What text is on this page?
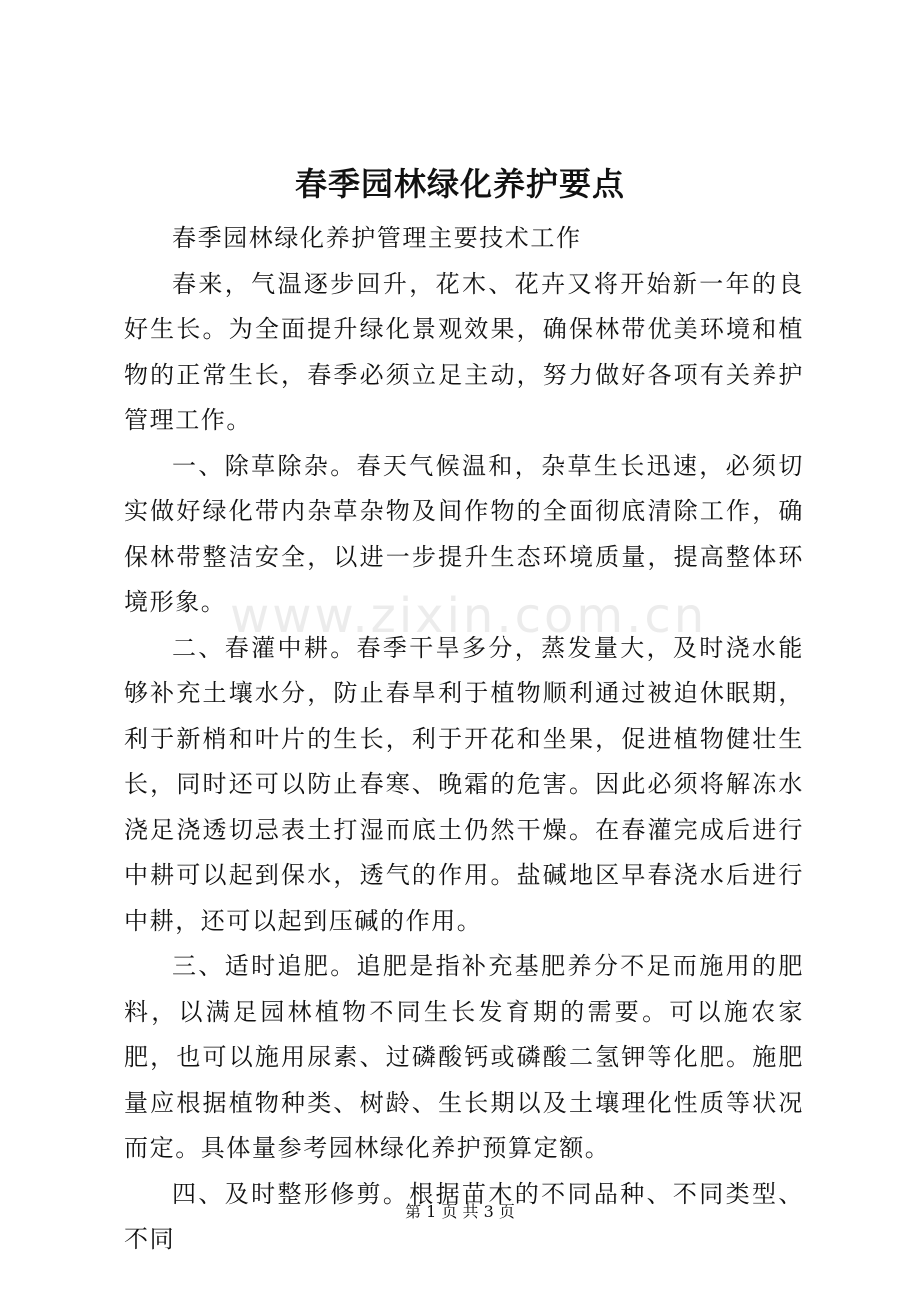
春季园林绿化养护要点
www.zixin.com.cn

春季园林绿化养护管理主要技术工作

春来，气温逐步回升，花木、花卉又将开始新一年的良好生长。为全面提升绿化景观效果，确保林带优美环境和植物的正常生长，春季必须立足主动，努力做好各项有关养护管理工作。

一、除草除杂。春天气候温和，杂草生长迅速，必须切实做好绿化带内杂草杂物及间作物的全面彻底清除工作，确保林带整洁安全，以进一步提升生态环境质量，提高整体环境形象。

二、春灌中耕。春季干旱多分，蒸发量大，及时浇水能够补充土壤水分，防止春旱利于植物顺利通过被迫休眠期，利于新梢和叶片的生长，利于开花和坐果，促进植物健壮生长，同时还可以防止春寒、晚霜的危害。因此必须将解冻水浇足浇透切忌表土打湿而底土仍然干燥。在春灌完成后进行中耕可以起到保水，透气的作用。盐碱地区早春浇水后进行中耕，还可以起到压碱的作用。

三、适时追肥。追肥是指补充基肥养分不足而施用的肥料，以满足园林植物不同生长发育期的需要。可以施农家肥，也可以施用尿素、过磷酸钙或磷酸二氢钾等化肥。施肥量应根据植物种类、树龄、生长期以及土壤理化性质等状况而定。具体量参考园林绿化养护预算定额。

四、及时整形修剪。根据苗木的不同品种、不同类型、不同

第 1 页 共 3 页
